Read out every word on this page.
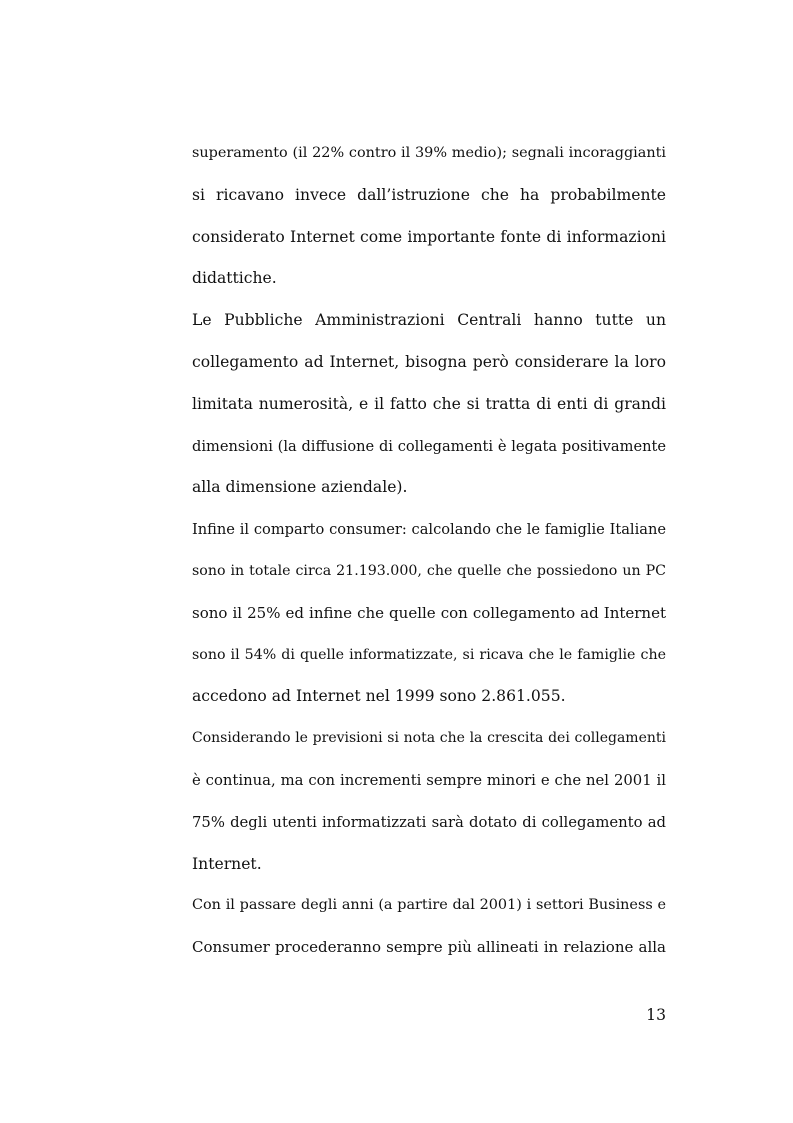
superamento (il 22% contro il 39% medio); segnali incoraggianti
si ricavano invece dall’istruzione che ha probabilmente
considerato Internet come importante fonte di informazioni
didattiche.
Le Pubbliche Amministrazioni Centrali hanno tutte un
collegamento ad Internet, bisogna però considerare la loro
limitata numerosità, e il fatto che si tratta di enti di grandi
dimensioni (la diffusione di collegamenti è legata positivamente
alla dimensione aziendale).
Infine il comparto consumer: calcolando che le famiglie Italiane
sono in totale circa 21.193.000, che quelle che possiedono un PC
sono il 25% ed infine che quelle con collegamento ad Internet
sono il 54% di quelle informatizzate, si ricava che le famiglie che
accedono ad Internet nel 1999 sono 2.861.055.
Considerando le previsioni si nota che la crescita dei collegamenti
è continua, ma con incrementi sempre minori e che nel 2001 il
75% degli utenti informatizzati sarà dotato di collegamento ad
Internet.
Con il passare degli anni (a partire dal 2001) i settori Business e
Consumer procederanno sempre più allineati in relazione alla
13
